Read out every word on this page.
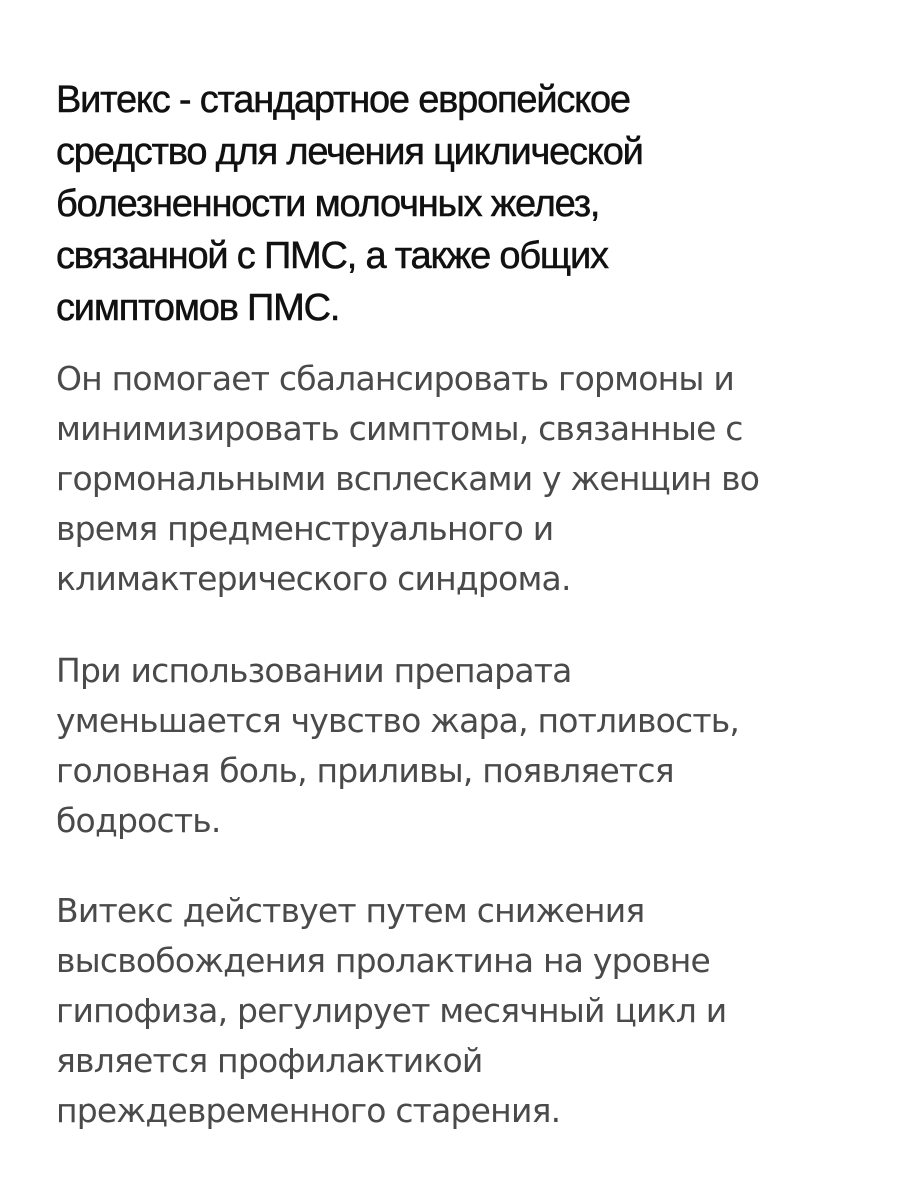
Витекс - стандартное европейское
средство для лечения циклической
болезненности молочных желез,
связанной с ПМС, а также общих
симптомов ПМС.

Он помогает сбалансировать гормоны и
минимизировать симптомы, связанные с
гормональными всплесками у женщин во
время предменструального и
климактерического синдрома.

При использовании препарата
уменьшается чувство жара, потливость,
головная боль, приливы, появляется
бодрость.

Витекс действует путем снижения
высвобождения пролактина на уровне
гипофиза, регулирует месячный цикл и
является профилактикой
преждевременного старения.
